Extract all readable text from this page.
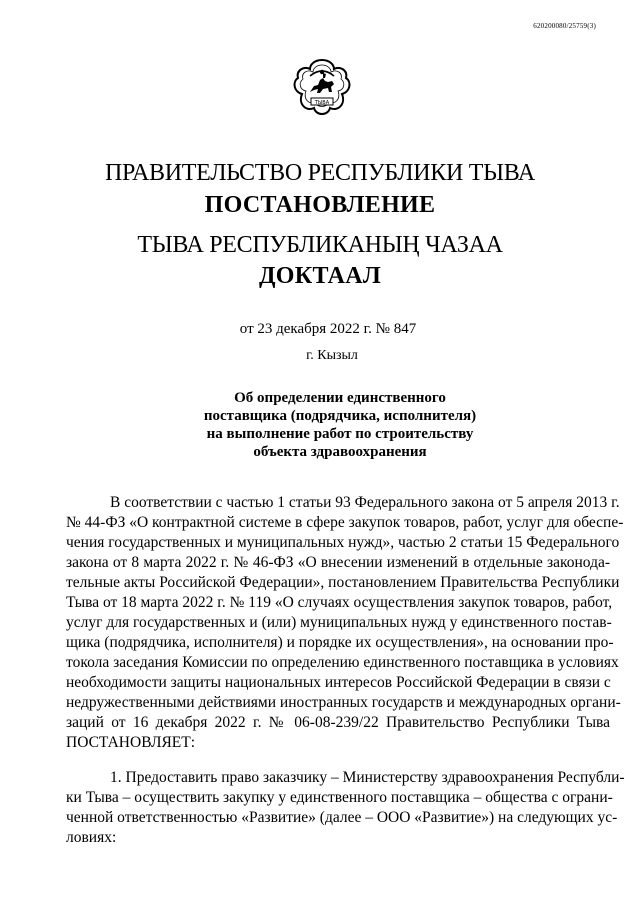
620200080/25759(3)
ТЫВА
ПРАВИТЕЛЬСТВО РЕСПУБЛИКИ ТЫВА
ПОСТАНОВЛЕНИЕ
ТЫВА РЕСПУБЛИКАНЫҢ ЧАЗАА
ДОКТААЛ
от 23 декабря 2022 г. № 847
г. Кызыл
Об определении единственного
поставщика (подрядчика, исполнителя)
на выполнение работ по строительству
объекта здравоохранения
В соответствии с частью 1 статьи 93 Федерального закона от 5 апреля 2013 г.
№ 44-ФЗ «О контрактной системе в сфере закупок товаров, работ, услуг для обеспе-
чения государственных и муниципальных нужд», частью 2 статьи 15 Федерального
закона от 8 марта 2022 г. № 46-ФЗ «О внесении изменений в отдельные законода-
тельные акты Российской Федерации», постановлением Правительства Республики
Тыва от 18 марта 2022 г. № 119 «О случаях осуществления закупок товаров, работ,
услуг для государственных и (или) муниципальных нужд у единственного постав-
щика (подрядчика, исполнителя) и порядке их осуществления», на основании про-
токола заседания Комиссии по определению единственного поставщика в условиях
необходимости защиты национальных интересов Российской Федерации в связи с
недружественными действиями иностранных государств и международных органи-
заций от 16 декабря 2022 г. № 06-08-239/22 Правительство Республики Тыва
ПОСТАНОВЛЯЕТ:
1. Предоставить право заказчику – Министерству здравоохранения Республи-
ки Тыва – осуществить закупку у единственного поставщика – общества с ограни-
ченной ответственностью «Развитие» (далее – ООО «Развитие») на следующих ус-
ловиях:
